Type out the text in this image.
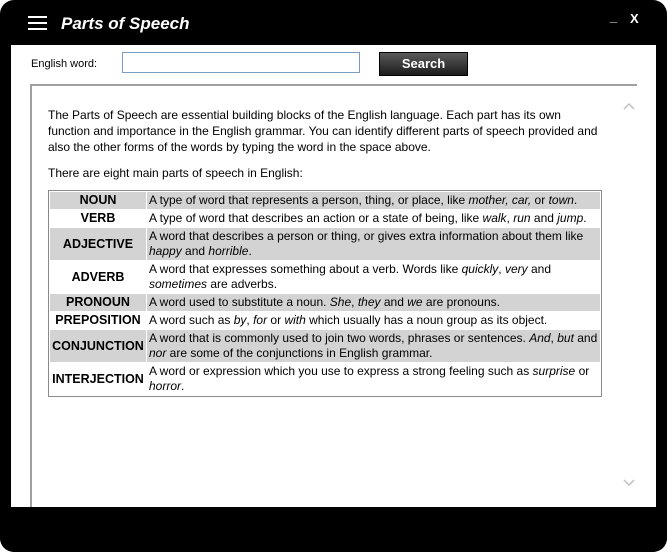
Parts of Speech	_ X
English word:	Search

The Parts of Speech are essential building blocks of the English language. Each part has its own function and importance in the English grammar. You can identify different parts of speech provided and also the other forms of the words by typing the word in the space above.

There are eight main parts of speech in English:

NOUN	A type of word that represents a person, thing, or place, like mother, car, or town.
VERB	A type of word that describes an action or a state of being, like walk, run and jump.
ADJECTIVE	A word that describes a person or thing, or gives extra information about them like happy and horrible.
ADVERB	A word that expresses something about a verb. Words like quickly, very and sometimes are adverbs.
PRONOUN	A word used to substitute a noun. She, they and we are pronouns.
PREPOSITION	A word such as by, for or with which usually has a noun group as its object.
CONJUNCTION	A word that is commonly used to join two words, phrases or sentences. And, but and nor are some of the conjunctions in English grammar.
INTERJECTION	A word or expression which you use to express a strong feeling such as surprise or horror.
